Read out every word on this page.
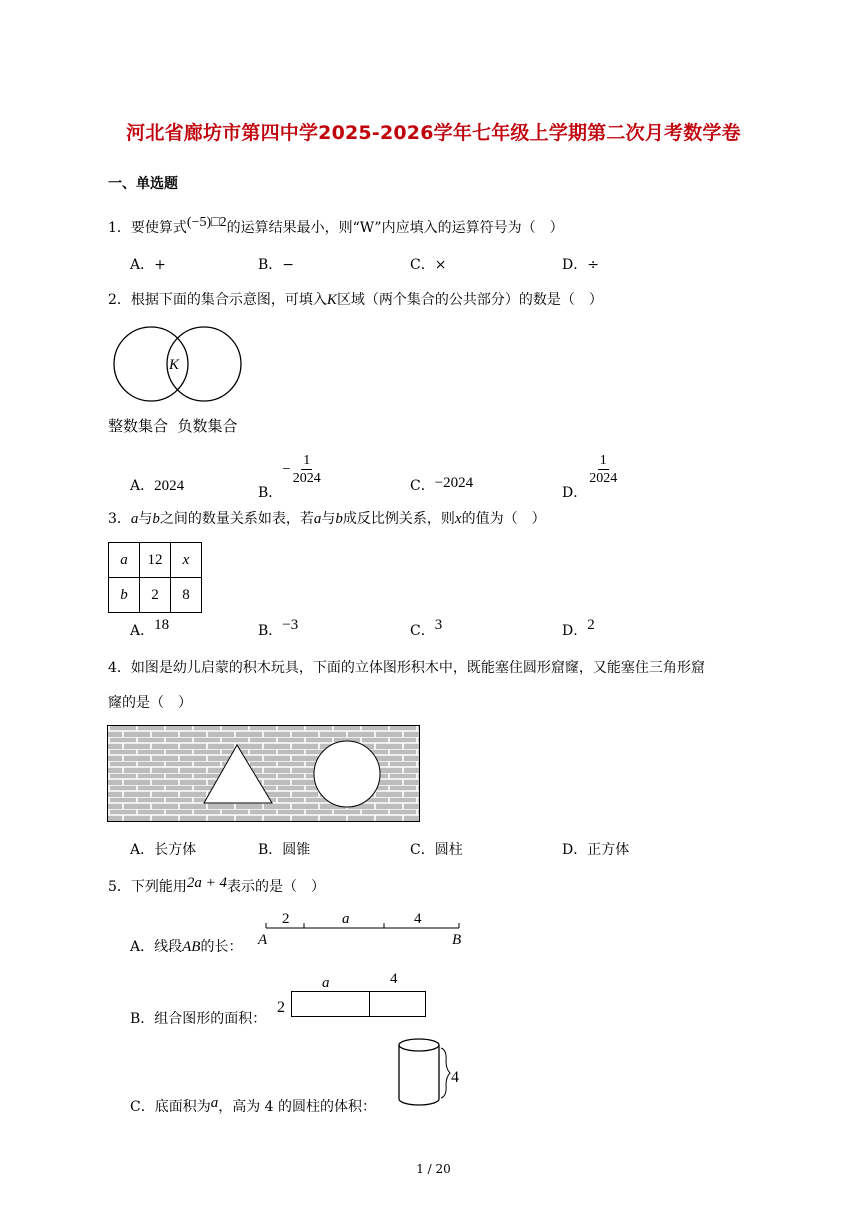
河北省廊坊市第四中学2025-2026学年七年级上学期第二次月考数学卷
一、单选题
1．要使算式(−5)□2的运算结果最小，则“W”内应填入的运算符号为（　）
A．+	B．−	C．×	D．÷
2．根据下面的集合示意图，可填入K区域（两个集合的公共部分）的数是（　）
K
整数集合  负数集合
A．2024	B．− $\frac{1}{2024}$	C．−2024
D．
$\frac{1}{2024}$
3．a与b之间的数量关系如表，若a与b成反比例关系，则x的值为（　）
a	12	x
b	2	8
A．18	B．−3	C．3	D．2
4．如图是幼儿启蒙的积木玩具，下面的立体图形积木中，既能塞住圆形窟窿，又能塞住三角形窟
窿的是（　）
A．长方体	B．圆锥	C．圆柱	D．正方体
5．下列能用2a + 4表示的是（　）
A．线段AB的长：
2	a	4
A	B
B．组合图形的面积：
2
a	4
C．底面积为a，高为 4 的圆柱的体积：
4
1 / 20
